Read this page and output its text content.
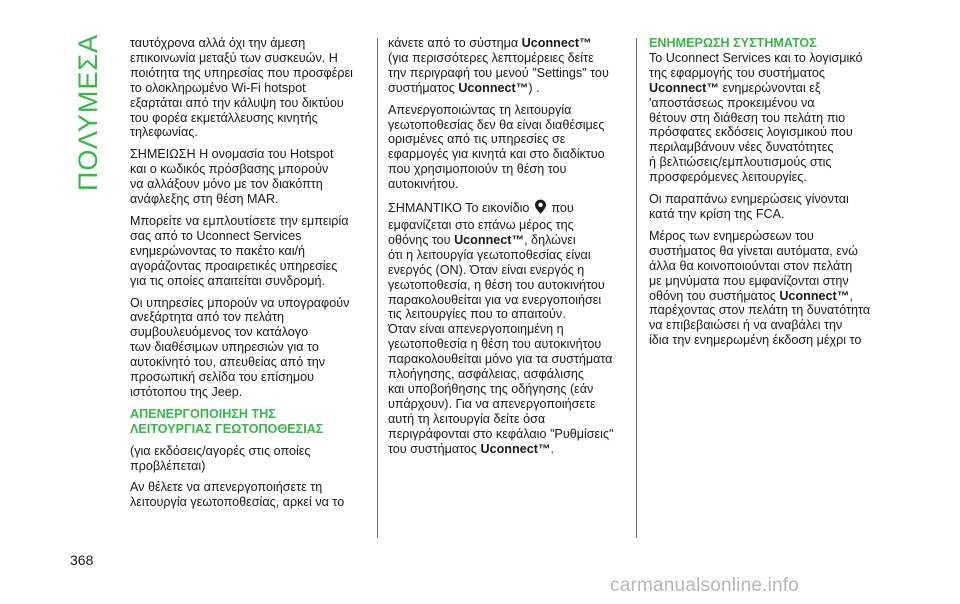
ΠΟΛΥΜΕΣΑ
368
ταυτόχρονα αλλά όχι την άμεση
επικοινωνία μεταξύ των συσκευών. Η
ποιότητα της υπηρεσίας που προσφέρει
το ολοκληρωμένο Wi-Fi hotspot
εξαρτάται από την κάλυψη του δικτύου
του φορέα εκμετάλλευσης κινητής
τηλεφωνίας.
ΣΗΜΕΙΩΣΗ Η ονομασία του Hotspot
και ο κωδικός πρόσβασης μπορούν
να αλλάξουν μόνο με τον διακόπτη
ανάφλεξης στη θέση MAR.
Μπορείτε να εμπλουτίσετε την εμπειρία
σας από το Uconnect Services
ενημερώνοντας το πακέτο και/ή
αγοράζοντας προαιρετικές υπηρεσίες
για τις οποίες απαιτείται συνδρομή.
Οι υπηρεσίες μπορούν να υπογραφούν
ανεξάρτητα από τον πελάτη
συμβουλευόμενος τον κατάλογο
των διαθέσιμων υπηρεσιών για το
αυτοκίνητό του, απευθείας από την
προσωπική σελίδα του επίσημου
ιστότοπου της Jeep.
ΑΠΕΝΕΡΓΟΠΟΙΗΣΗ ΤΗΣ
ΛΕΙΤΟΥΡΓΙΑΣ ΓΕΩΤΟΠΟΘΕΣΙΑΣ
(για εκδόσεις/αγορές στις οποίες
προβλέπεται)
Αν θέλετε να απενεργοποιήσετε τη
λειτουργία γεωτοποθεσίας, αρκεί να το
κάνετε από το σύστημα Uconnect™
(για περισσότερες λεπτομέρειες δείτε
την περιγραφή του μενού "Settings" του
συστήματος Uconnect™) .
Απενεργοποιώντας τη λειτουργία
γεωτοποθεσίας δεν θα είναι διαθέσιμες
ορισμένες από τις υπηρεσίες σε
εφαρμογές για κινητά και στο διαδίκτυο
που χρησιμοποιούν τη θέση του
αυτοκινήτου.
ΣΗΜΑΝΤΙΚΟ Το εικονίδιο  που
εμφανίζεται στο επάνω μέρος της
οθόνης του Uconnect™, δηλώνει
ότι η λειτουργία γεωτοποθεσίας είναι
ενεργός (ON). Όταν είναι ενεργός η
γεωτοποθεσία, η θέση του αυτοκινήτου
παρακολουθείται για να ενεργοποιήσει
τις λειτουργίες που το απαιτούν.
Όταν είναι απενεργοποιημένη η
γεωτοποθεσία η θέση του αυτοκινήτου
παρακολουθείται μόνο για τα συστήματα
πλοήγησης, ασφάλειας, ασφάλισης
και υποβοήθησης της οδήγησης (εάν
υπάρχουν). Για να απενεργοποιήσετε
αυτή τη λειτουργία δείτε όσα
περιγράφονται στο κεφάλαιο "Ρυθμίσεις"
του συστήματος Uconnect™.
ΕΝΗΜΕΡΩΣΗ ΣΥΣΤΗΜΑΤΟΣ
Το Uconnect Services και το λογισμικό
της εφαρμογής του συστήματος
Uconnect™ ενημερώνονται εξ
'αποστάσεως προκειμένου να
θέτουν στη διάθεση του πελάτη πιο
πρόσφατες εκδόσεις λογισμικού που
περιλαμβάνουν νέες δυνατότητες
ή βελτιώσεις/εμπλουτισμούς στις
προσφερόμενες λειτουργίες.
Οι παραπάνω ενημερώσεις γίνονται
κατά την κρίση της FCA.
Μέρος των ενημερώσεων του
συστήματος θα γίνεται αυτόματα, ενώ
άλλα θα κοινοποιούνται στον πελάτη
με μηνύματα που εμφανίζονται στην
οθόνη του συστήματος Uconnect™,
παρέχοντας στον πελάτη τη δυνατότητα
να επιβεβαιώσει ή να αναβάλει την
ίδια την ενημερωμένη έκδοση μέχρι το
carmanualsonline.info
